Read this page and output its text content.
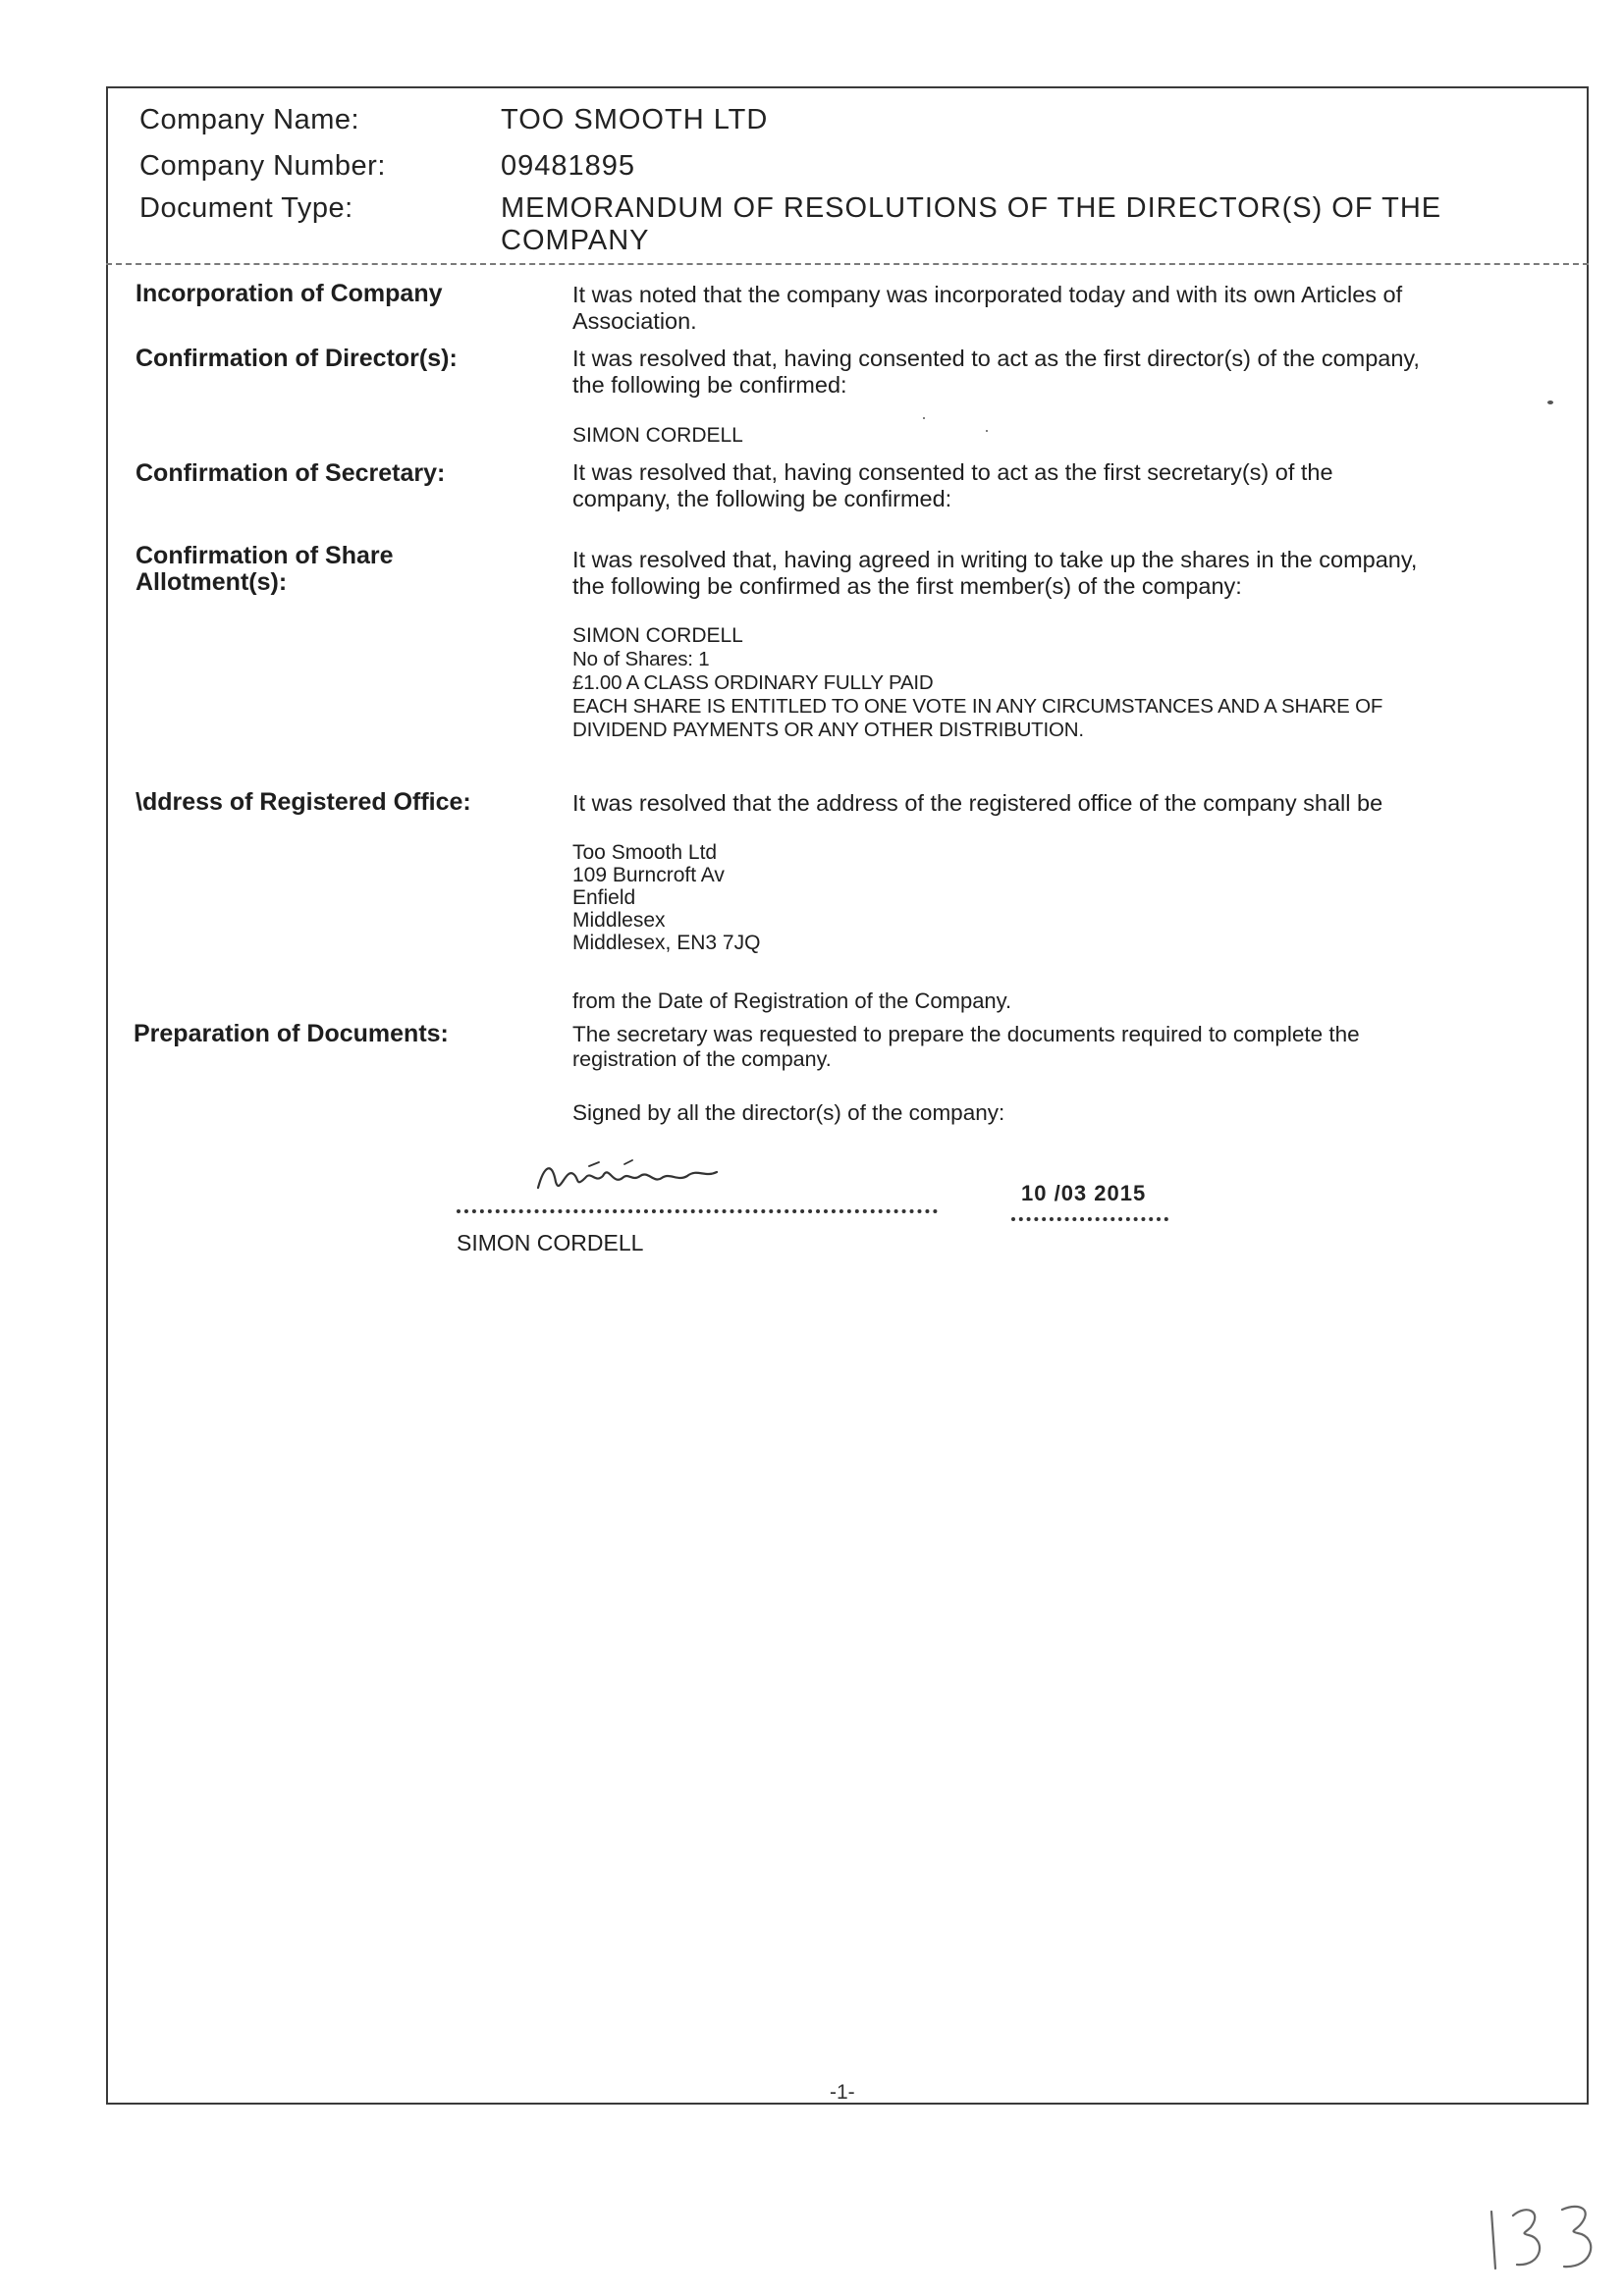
Company Name:	TOO SMOOTH LTD
Company Number:	09481895
Document Type:	MEMORANDUM OF RESOLUTIONS OF THE DIRECTOR(S) OF THE
COMPANY
Incorporation of Company	It was noted that the company was incorporated today and with its own Articles of
Association.
Confirmation of Director(s):	It was resolved that, having consented to act as the first director(s) of the company,
the following be confirmed:
SIMON CORDELL
Confirmation of Secretary:	It was resolved that, having consented to act as the first secretary(s) of the
company, the following be confirmed:
Confirmation of Share
Allotment(s):
It was resolved that, having agreed in writing to take up the shares in the company,
the following be confirmed as the first member(s) of the company:
SIMON CORDELL
No of Shares: 1
£1.00 A CLASS ORDINARY FULLY PAID
EACH SHARE IS ENTITLED TO ONE VOTE IN ANY CIRCUMSTANCES AND A SHARE OF
DIVIDEND PAYMENTS OR ANY OTHER DISTRIBUTION.
\ddress of Registered Office:	It was resolved that the address of the registered office of the company shall be
Too Smooth Ltd
109 Burncroft Av
Enfield
Middlesex
Middlesex, EN3 7JQ
from the Date of Registration of the Company.
Preparation of Documents:	The secretary was requested to prepare the documents required to complete the
registration of the company.
Signed by all the director(s) of the company:
10 /03 2015
SIMON CORDELL
-1-
